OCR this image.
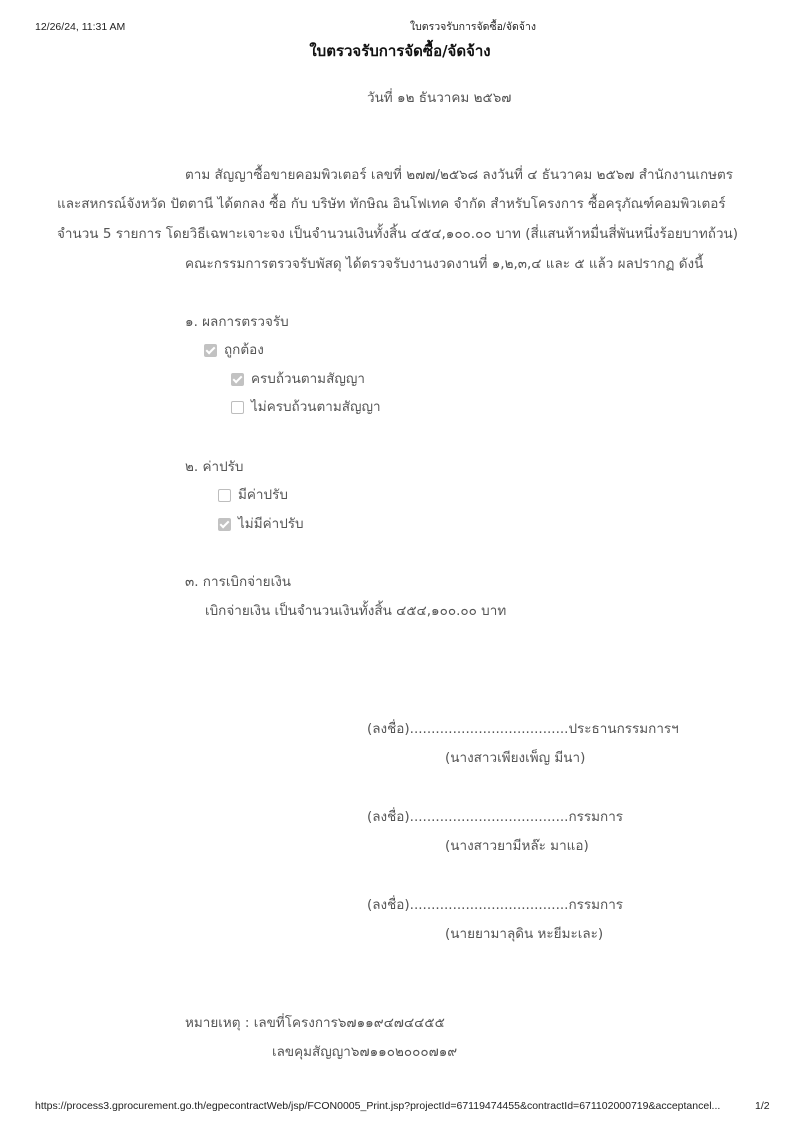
12/26/24, 11:31 AM	ใบตรวจรับการจัดซื้อ/จัดจ้าง
ใบตรวจรับการจัดซื้อ/จัดจ้าง
วันที่ ๑๒ ธันวาคม ๒๕๖๗
ตาม สัญญาซื้อขายคอมพิวเตอร์ เลขที่ ๒๗๗/๒๕๖๘ ลงวันที่ ๔ ธันวาคม ๒๕๖๗ สำนักงานเกษตร
และสหกรณ์จังหวัด ปัตตานี ได้ตกลง ซื้อ กับ บริษัท ทักษิณ อินโฟเทค จำกัด สำหรับโครงการ ซื้อครุภัณฑ์คอมพิวเตอร์
จำนวน 5 รายการ โดยวิธีเฉพาะเจาะจง เป็นจำนวนเงินทั้งสิ้น ๔๕๔,๑๐๐.๐๐ บาท (สี่แสนห้าหมื่นสี่พันหนึ่งร้อยบาทถ้วน)
คณะกรรมการตรวจรับพัสดุ ได้ตรวจรับงานงวดงานที่ ๑,๒,๓,๔ และ ๕ แล้ว ผลปรากฏ ดังนี้
๑. ผลการตรวจรับ
ถูกต้อง
ครบถ้วนตามสัญญา
ไม่ครบถ้วนตามสัญญา
๒. ค่าปรับ
มีค่าปรับ
ไม่มีค่าปรับ
๓. การเบิกจ่ายเงิน
เบิกจ่ายเงิน เป็นจำนวนเงินทั้งสิ้น ๔๕๔,๑๐๐.๐๐ บาท
(ลงชื่อ).....................................ประธานกรรมการฯ
(นางสาวเพียงเพ็ญ มีนา)
(ลงชื่อ).....................................กรรมการ
(นางสาวยามีหล๊ะ มาแอ)
(ลงชื่อ).....................................กรรมการ
(นายยามาลุดิน หะยีมะเละ)
หมายเหตุ : เลขที่โครงการ๖๗๑๑๙๔๗๔๔๕๕
เลขคุมสัญญา๖๗๑๑๐๒๐๐๐๗๑๙
https://process3.gprocurement.go.th/egpecontractWeb/jsp/FCON0005_Print.jsp?projectId=67119474455&contractId=671102000719&acceptancel...	1/2
